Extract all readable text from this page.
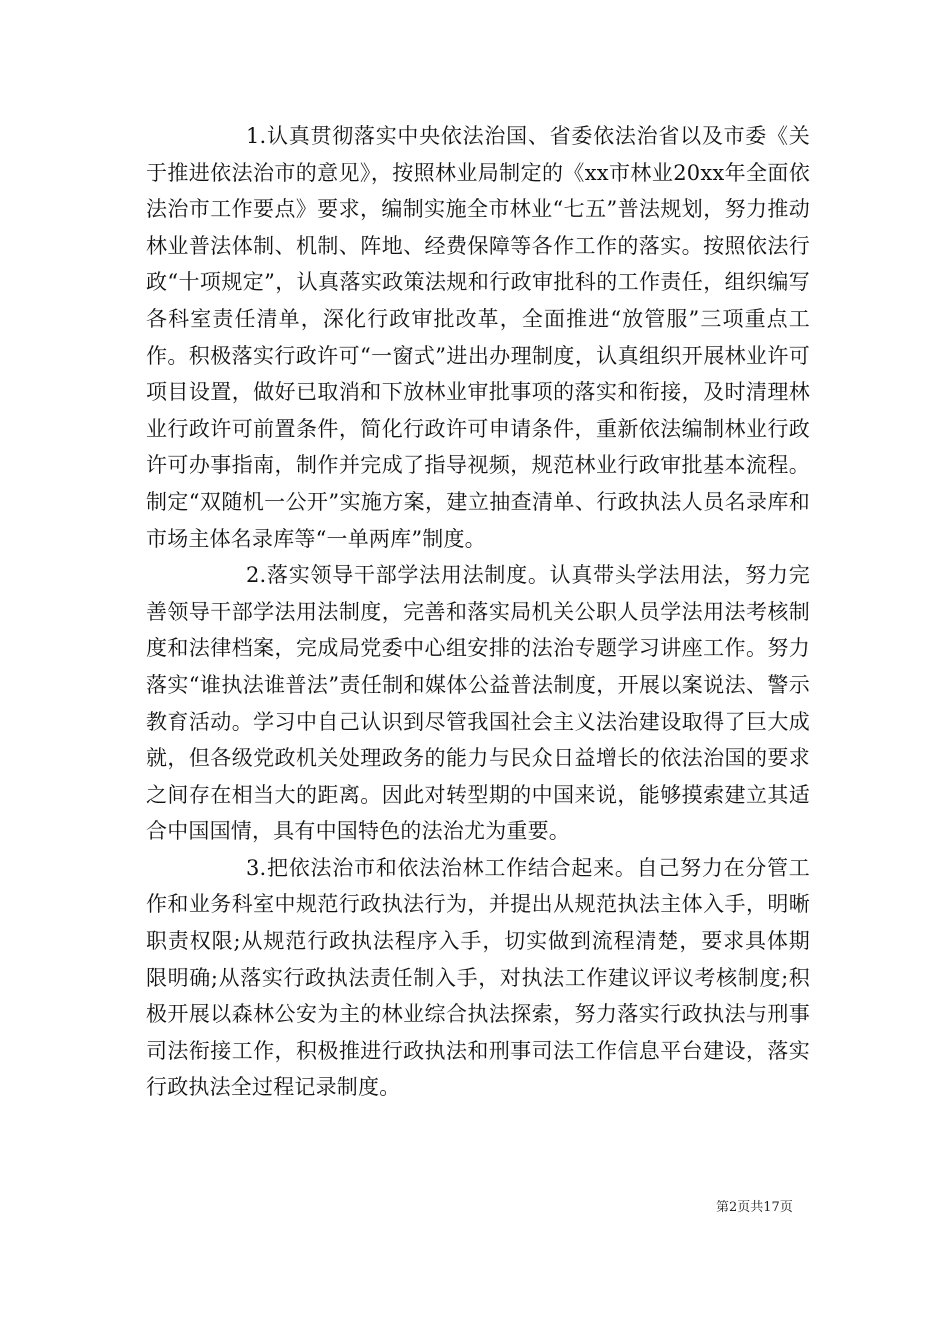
1.认真贯彻落实中央依法治国、省委依法治省以及市委《关于推进依法治市的意见》，按照林业局制定的《xx市林业20xx年全面依法治市工作要点》要求，编制实施全市林业“七五”普法规划，努力推动林业普法体制、机制、阵地、经费保障等各作工作的落实。按照依法行政“十项规定”，认真落实政策法规和行政审批科的工作责任，组织编写各科室责任清单，深化行政审批改革，全面推进“放管服”三项重点工作。积极落实行政许可“一窗式”进出办理制度，认真组织开展林业许可项目设置，做好已取消和下放林业审批事项的落实和衔接，及时清理林业行政许可前置条件，简化行政许可申请条件，重新依法编制林业行政许可办事指南，制作并完成了指导视频，规范林业行政审批基本流程。制定“双随机一公开”实施方案，建立抽查清单、行政执法人员名录库和市场主体名录库等“一单两库”制度。

2.落实领导干部学法用法制度。认真带头学法用法，努力完善领导干部学法用法制度，完善和落实局机关公职人员学法用法考核制度和法律档案，完成局党委中心组安排的法治专题学习讲座工作。努力落实“谁执法谁普法”责任制和媒体公益普法制度，开展以案说法、警示教育活动。学习中自己认识到尽管我国社会主义法治建设取得了巨大成就，但各级党政机关处理政务的能力与民众日益增长的依法治国的要求之间存在相当大的距离。因此对转型期的中国来说，能够摸索建立其适合中国国情，具有中国特色的法治尤为重要。

3.把依法治市和依法治林工作结合起来。自己努力在分管工作和业务科室中规范行政执法行为，并提出从规范执法主体入手，明晰职责权限;从规范行政执法程序入手，切实做到流程清楚，要求具体期限明确;从落实行政执法责任制入手，对执法工作建议评议考核制度;积极开展以森林公安为主的林业综合执法探索，努力落实行政执法与刑事司法衔接工作，积极推进行政执法和刑事司法工作信息平台建设，落实行政执法全过程记录制度。

第2页共17页
